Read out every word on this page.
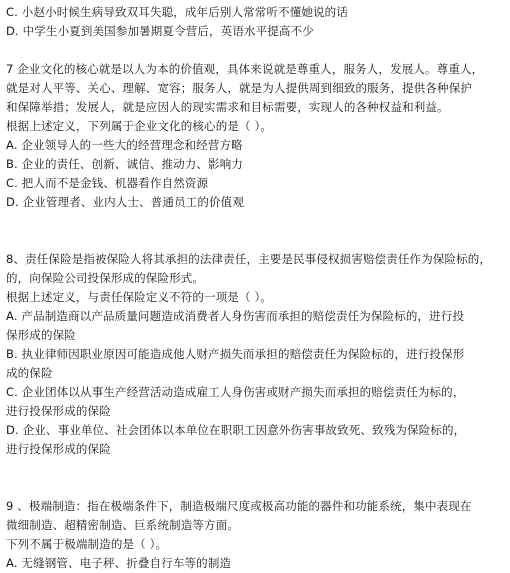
C. 小赵小时候生病导致双耳失聪，成年后别人常常听不懂她说的话
D. 中学生小夏到美国参加暑期夏令营后，英语水平提高不少
7 企业文化的核心就是以人为本的价值观，具体来说就是尊重人，服务人，发展人。尊重人，
就是对人平等、关心、理解、宽容；服务人，就是为人提供周到细致的服务，提供各种保护
和保障举措；发展人，就是应因人的现实需求和目标需要，实现人的各种权益和利益。
根据上述定义，下列属于企业文化的核心的是（ ）。
A. 企业领导人的一些大的经营理念和经营方略
B. 企业的责任、创新、诚信、推动力、影响力
C. 把人而不是金钱、机器看作自然资源
D. 企业管理者、业内人士、普通员工的价值观
8、责任保险是指被保险人将其承担的法律责任，主要是民事侵权损害赔偿责任作为保险标的，
的，向保险公司投保形成的保险形式。
根据上述定义，与责任保险定义不符的一项是（ ）。
A. 产品制造商以产品质量问题造成消费者人身伤害而承担的赔偿责任为保险标的，进行投
保形成的保险
B. 执业律师因职业原因可能造成他人财产损失而承担的赔偿责任为保险标的，进行投保形
成的保险
C. 企业团体以从事生产经营活动造成雇工人身伤害或财产损失而承担的赔偿责任为标的，
进行投保形成的保险
D. 企业、事业单位、社会团体以本单位在职职工因意外伤害事故致死、致残为保险标的，
进行投保形成的保险
9 、极端制造：指在极端条件下，制造极端尺度或极高功能的器件和功能系统，集中表现在
微细制造、超精密制造、巨系统制造等方面。
下列不属于极端制造的是（ ）。
A. 无缝钢管、电子秤、折叠自行车等的制造
